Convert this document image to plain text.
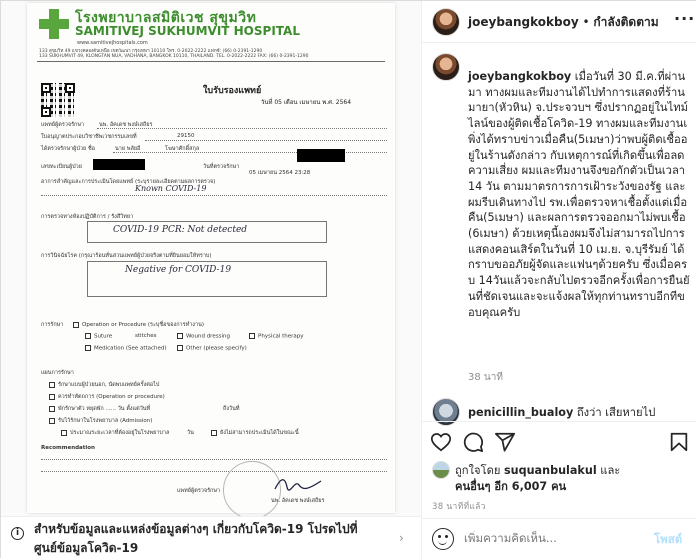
โรงพยาบาลสมิติเวช สุขุมวิท
SAMITIVEJ SUKHUMVIT HOSPITAL
www.samitivejhospitals.com
133 สุขุมวิท 49 แขวงคลองตันเหนือ เขตวัฒนา กรุงเทพฯ 10110 โทร. 0-2022-2222 แฟกซ์: (66) 0-2391-1290
133 SUKHUMVIT 49, KLONGTAN NUA, VADHANA, BANGKOK 10110, THAILAND. TEL. 0-2022-2222 FAX: (66) 0-2391-1290
ใบรับรองแพทย์
วันที่ 05 เดือน เมษายน พ.ศ. 2564
แพทย์ผู้ตรวจรักษา	นพ. อัคเดช พงษ์เสถียร
ใบอนุญาตประกอบวิชาชีพเวชกรรมเลขที่	29150
ได้ตรวจรักษาผู้ป่วย ชื่อ	นาย พลัยอี	โฆษาศักดิ์สกุล
เลขทะเบียนผู้ป่วย	วันที่ตรวจรักษา
05 เมษายน 2564 23:28
อาการสำคัญและการประเมินโดยแพทย์ (ระบุรายละเอียดตามผลการตรวจ)
Known COVID-19
การตรวจทางห้องปฏิบัติการ / รังสีวิทยา
COVID-19 PCR: Not detected
การวินิจฉัยโรค (กรุณาร้อนทั่นสวนแพทย์ผู้ป่วยจริงตามที่ยินยอมให้ทราบ)
Negative for COVID-19
การรักษา	Operation or Procedure (ระบุชื่อของการทำงาน)
Suture	stitches	Wound dressing	Physical therapy
Medication (See attached)	Other (please specify)
แผนการรักษา
รักษาแบบผู้ป่วยนอก, นัดพบแพทย์ครั้งต่อไป
ควรทำหัตถการ (Operation or procedure)
พักรักษาตัว หยุดพัก ...... วัน ตั้งแต่วันที่	ถึงวันที่
รับไว้รักษาในโรงพยาบาล (Admission)
ประมาณระยะเวลาที่ต้องอยู่ในโรงพยาบาล	วัน	ยังไม่สามารถประเมินได้ในขณะนี้
Recommendation
แพทย์ผู้ตรวจรักษา
นพ. อัคเดช พงษ์เสถียร
i	สำหรับข้อมูลและแหล่งข้อมูลต่างๆ เกี่ยวกับโควิด-19 โปรดไปที่ศูนย์ข้อมูลโควิด-19
›
joeybangkokboy • กำลังติดตาม ···
joeybangkokboy เมื่อวันที่ 30 มี.ค.ที่ผ่านมา ทางผมและทีมงานได้ไปทำการแสดงที่ร้านมายา(หัวหิน) จ.ประจวบฯ ซึ่งปรากฏอยู่ในไทม์ไลน์ของผู้ติดเชื้อโควิด-19 ทางผมและทีมงานเพิ่งได้ทราบข่าวเมื่อคืน(5เมษา)ว่าพบผู้ติดเชื้ออยู่ในร้านดังกล่าว กับเหตุการณ์ที่เกิดขึ้นเพื่อลดความเสี่ยง ผมและทีมงานจึงขอกักตัวเป็นเวลา 14 วัน ตามมาตรการการเฝ้าระวังของรัฐ และผมรีบเดินทางไป รพ.เพื่อตรวจหาเชื้อตั้งแต่เมื่อคืน(5เมษา) และผลการตรวจออกมาไม่พบเชื้อ(6เมษา) ด้วยเหตุนี้เองผมจึงไม่สามารถไปการแสดงคอนเสิร์ตในวันที่ 10 เม.ย. จ.บุรีรัมย์ ได้ กราบขออภัยผู้จัดและแฟนๆด้วยครับ ซึ่งเมื่อครบ 14วันแล้วจะกลับไปตรวจอีกครั้งเพื่อการยืนยันที่ชัดเจนและจะแจ้งผลให้ทุกท่านทราบอีกทีขอบคุณครับ
38 นาที
penicillin_bualoy ถึงว่า เสียหายไป
ถูกใจโดย suquanbulakul และ
คนอื่นๆ อีก 6,007 คน
38 นาทีที่แล้ว
เพิ่มความคิดเห็น...
โพสต์
